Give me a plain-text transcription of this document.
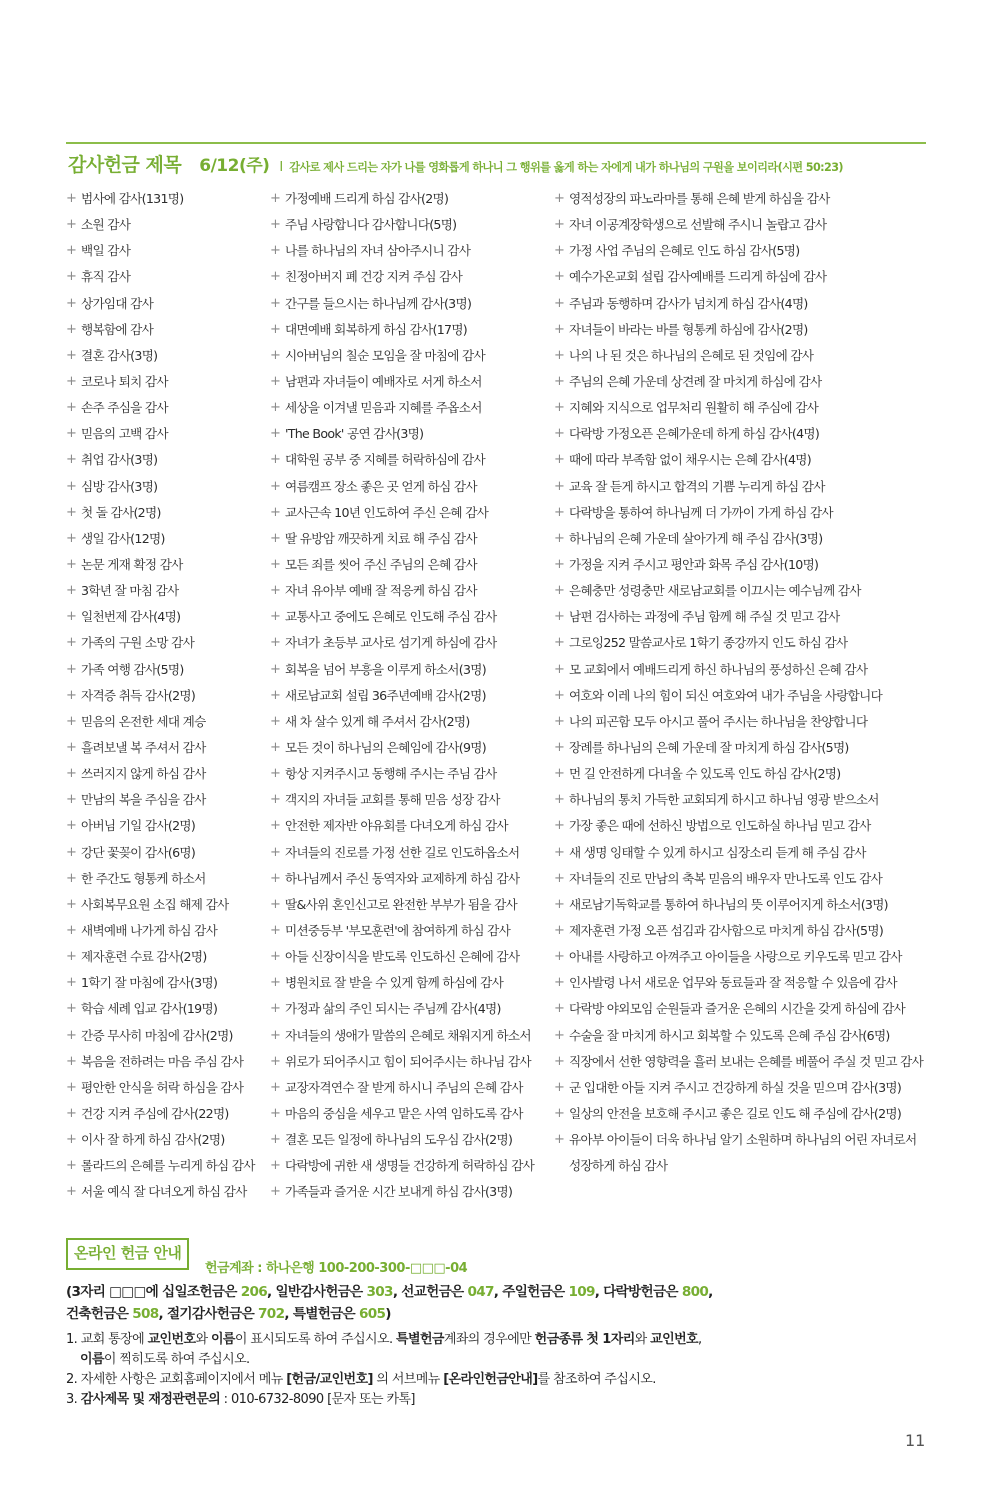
감사헌금 제목 6/12(주) I 감사로 제사 드리는 자가 나를 영화롭게 하나니 그 행위를 옳게 하는 자에게 내가 하나님의 구원을 보이리라(시편 50:23)
+ 범사에 감사(131명)
+ 소원 감사
+ 백일 감사
+ 휴직 감사
+ 상가임대 감사
+ 행복함에 감사
+ 결혼 감사(3명)
+ 코로나 퇴치 감사
+ 손주 주심을 감사
+ 믿음의 고백 감사
+ 취업 감사(3명)
+ 심방 감사(3명)
+ 첫 돌 감사(2명)
+ 생일 감사(12명)
+ 논문 게재 확정 감사
+ 3학년 잘 마침 감사
+ 일천번제 감사(4명)
+ 가족의 구원 소망 감사
+ 가족 여행 감사(5명)
+ 자격증 취득 감사(2명)
+ 믿음의 온전한 세대 계승
+ 흘려보낼 복 주셔서 감사
+ 쓰러지지 않게 하심 감사
+ 만남의 복을 주심을 감사
+ 아버님 기일 감사(2명)
+ 강단 꽃꽂이 감사(6명)
+ 한 주간도 형통케 하소서
+ 사회복무요원 소집 해제 감사
+ 새벽예배 나가게 하심 감사
+ 제자훈련 수료 감사(2명)
+ 1학기 잘 마침에 감사(3명)
+ 학습 세례 입교 감사(19명)
+ 간증 무사히 마침에 감사(2명)
+ 복음을 전하려는 마음 주심 감사
+ 평안한 안식을 허락 하심을 감사
+ 건강 지켜 주심에 감사(22명)
+ 이사 잘 하게 하심 감사(2명)
+ 롤라드의 은혜를 누리게 하심 감사
+ 서울 예식 잘 다녀오게 하심 감사
+ 가정예배 드리게 하심 감사(2명)
+ 주님 사랑합니다 감사합니다(5명)
+ 나를 하나님의 자녀 삼아주시니 감사
+ 친정아버지 폐 건강 지켜 주심 감사
+ 간구를 들으시는 하나님께 감사(3명)
+ 대면예배 회복하게 하심 감사(17명)
+ 시아버님의 칠순 모임을 잘 마침에 감사
+ 남편과 자녀들이 예배자로 서게 하소서
+ 세상을 이겨낼 믿음과 지혜를 주옵소서
+ 'The Book' 공연 감사(3명)
+ 대학원 공부 중 지혜를 허락하심에 감사
+ 여름캠프 장소 좋은 곳 얻게 하심 감사
+ 교사근속 10년 인도하여 주신 은혜 감사
+ 딸 유방암 깨끗하게 치료 해 주심 감사
+ 모든 죄를 씻어 주신 주님의 은혜 감사
+ 자녀 유아부 예배 잘 적응케 하심 감사
+ 교통사고 중에도 은혜로 인도해 주심 감사
+ 자녀가 초등부 교사로 섬기게 하심에 감사
+ 회복을 넘어 부흥을 이루게 하소서(3명)
+ 새로남교회 설립 36주년예배 감사(2명)
+ 새 차 살수 있게 해 주셔서 감사(2명)
+ 모든 것이 하나님의 은혜임에 감사(9명)
+ 항상 지켜주시고 동행해 주시는 주님 감사
+ 객지의 자녀들 교회를 통해 믿음 성장 감사
+ 안전한 제자반 야유회를 다녀오게 하심 감사
+ 자녀들의 진로를 가정 선한 길로 인도하옵소서
+ 하나님께서 주신 동역자와 교제하게 하심 감사
+ 딸&사위 혼인신고로 완전한 부부가 됨을 감사
+ 미션중등부 '부모훈련'에 참여하게 하심 감사
+ 아들 신장이식을 받도록 인도하신 은혜에 감사
+ 병원치료 잘 받을 수 있게 함께 하심에 감사
+ 가정과 삶의 주인 되시는 주님께 감사(4명)
+ 자녀들의 생애가 말씀의 은혜로 채워지게 하소서
+ 위로가 되어주시고 힘이 되어주시는 하나님 감사
+ 교장자격연수 잘 받게 하시니 주님의 은혜 감사
+ 마음의 중심을 세우고 맡은 사역 임하도록 감사
+ 결혼 모든 일정에 하나님의 도우심 감사(2명)
+ 다락방에 귀한 새 생명들 건강하게 허락하심 감사
+ 가족들과 즐거운 시간 보내게 하심 감사(3명)
+ 영적성장의 파노라마를 통해 은혜 받게 하심을 감사
+ 자녀 이공계장학생으로 선발해 주시니 놀랍고 감사
+ 가정 사업 주님의 은혜로 인도 하심 감사(5명)
+ 예수가온교회 설립 감사예배를 드리게 하심에 감사
+ 주님과 동행하며 감사가 넘치게 하심 감사(4명)
+ 자녀들이 바라는 바를 형통케 하심에 감사(2명)
+ 나의 나 된 것은 하나님의 은혜로 된 것임에 감사
+ 주님의 은혜 가운데 상견례 잘 마치게 하심에 감사
+ 지혜와 지식으로 업무처리 원활히 해 주심에 감사
+ 다락방 가정오픈 은혜가운데 하게 하심 감사(4명)
+ 때에 따라 부족함 없이 채우시는 은혜 감사(4명)
+ 교육 잘 듣게 하시고 합격의 기쁨 누리게 하심 감사
+ 다락방을 통하여 하나님께 더 가까이 가게 하심 감사
+ 하나님의 은혜 가운데 살아가게 해 주심 감사(3명)
+ 가정을 지켜 주시고 평안과 화목 주심 감사(10명)
+ 은혜충만 성령충만 새로남교회를 이끄시는 예수님께 감사
+ 남편 검사하는 과정에 주님 함께 해 주실 것 믿고 감사
+ 그로잉252 말씀교사로 1학기 종강까지 인도 하심 감사
+ 모 교회에서 예배드리게 하신 하나님의 풍성하신 은혜 감사
+ 여호와 이레 나의 힘이 되신 여호와여 내가 주님을 사랑합니다
+ 나의 피곤함 모두 아시고 풀어 주시는 하나님을 찬양합니다
+ 장례를 하나님의 은혜 가운데 잘 마치게 하심 감사(5명)
+ 먼 길 안전하게 다녀올 수 있도록 인도 하심 감사(2명)
+ 하나님의 통치 가득한 교회되게 하시고 하나님 영광 받으소서
+ 가장 좋은 때에 선하신 방법으로 인도하실 하나님 믿고 감사
+ 새 생명 잉태할 수 있게 하시고 심장소리 듣게 해 주심 감사
+ 자녀들의 진로 만남의 축복 믿음의 배우자 만나도록 인도 감사
+ 새로남기독학교를 통하여 하나님의 뜻 이루어지게 하소서(3명)
+ 제자훈련 가정 오픈 섬김과 감사함으로 마치게 하심 감사(5명)
+ 아내를 사랑하고 아껴주고 아이들을 사랑으로 키우도록 믿고 감사
+ 인사발령 나서 새로운 업무와 동료들과 잘 적응할 수 있음에 감사
+ 다락방 야외모임 순원들과 즐거운 은혜의 시간을 갖게 하심에 감사
+ 수술을 잘 마치게 하시고 회복할 수 있도록 은혜 주심 감사(6명)
+ 직장에서 선한 영향력을 흘러 보내는 은혜를 베풀어 주실 것 믿고 감사
+ 군 입대한 아들 지켜 주시고 건강하게 하실 것을 믿으며 감사(3명)
+ 일상의 안전을 보호해 주시고 좋은 길로 인도 해 주심에 감사(2명)
+ 유아부 아이들이 더욱 하나님 알기 소원하며 하나님의 어린 자녀로서
성장하게 하심 감사
온라인 헌금 안내
헌금계좌 : 하나은행 100-200-300-□□□-04
(3자리 □□□에 십일조헌금은 206, 일반감사헌금은 303, 선교헌금은 047, 주일헌금은 109, 다락방헌금은 800,
건축헌금은 508, 절기감사헌금은 702, 특별헌금은 605)
1. 교회 통장에 교인번호와 이름이 표시되도록 하여 주십시오. 특별헌금계좌의 경우에만 헌금종류 첫 1자리와 교인번호,
이름이 찍히도록 하여 주십시오.
2. 자세한 사항은 교회홈페이지에서 메뉴 [헌금/교인번호] 의 서브메뉴 [온라인헌금안내]를 참조하여 주십시오.
3. 감사제목 및 재정관련문의 : 010-6732-8090 [문자 또는 카톡]
11
